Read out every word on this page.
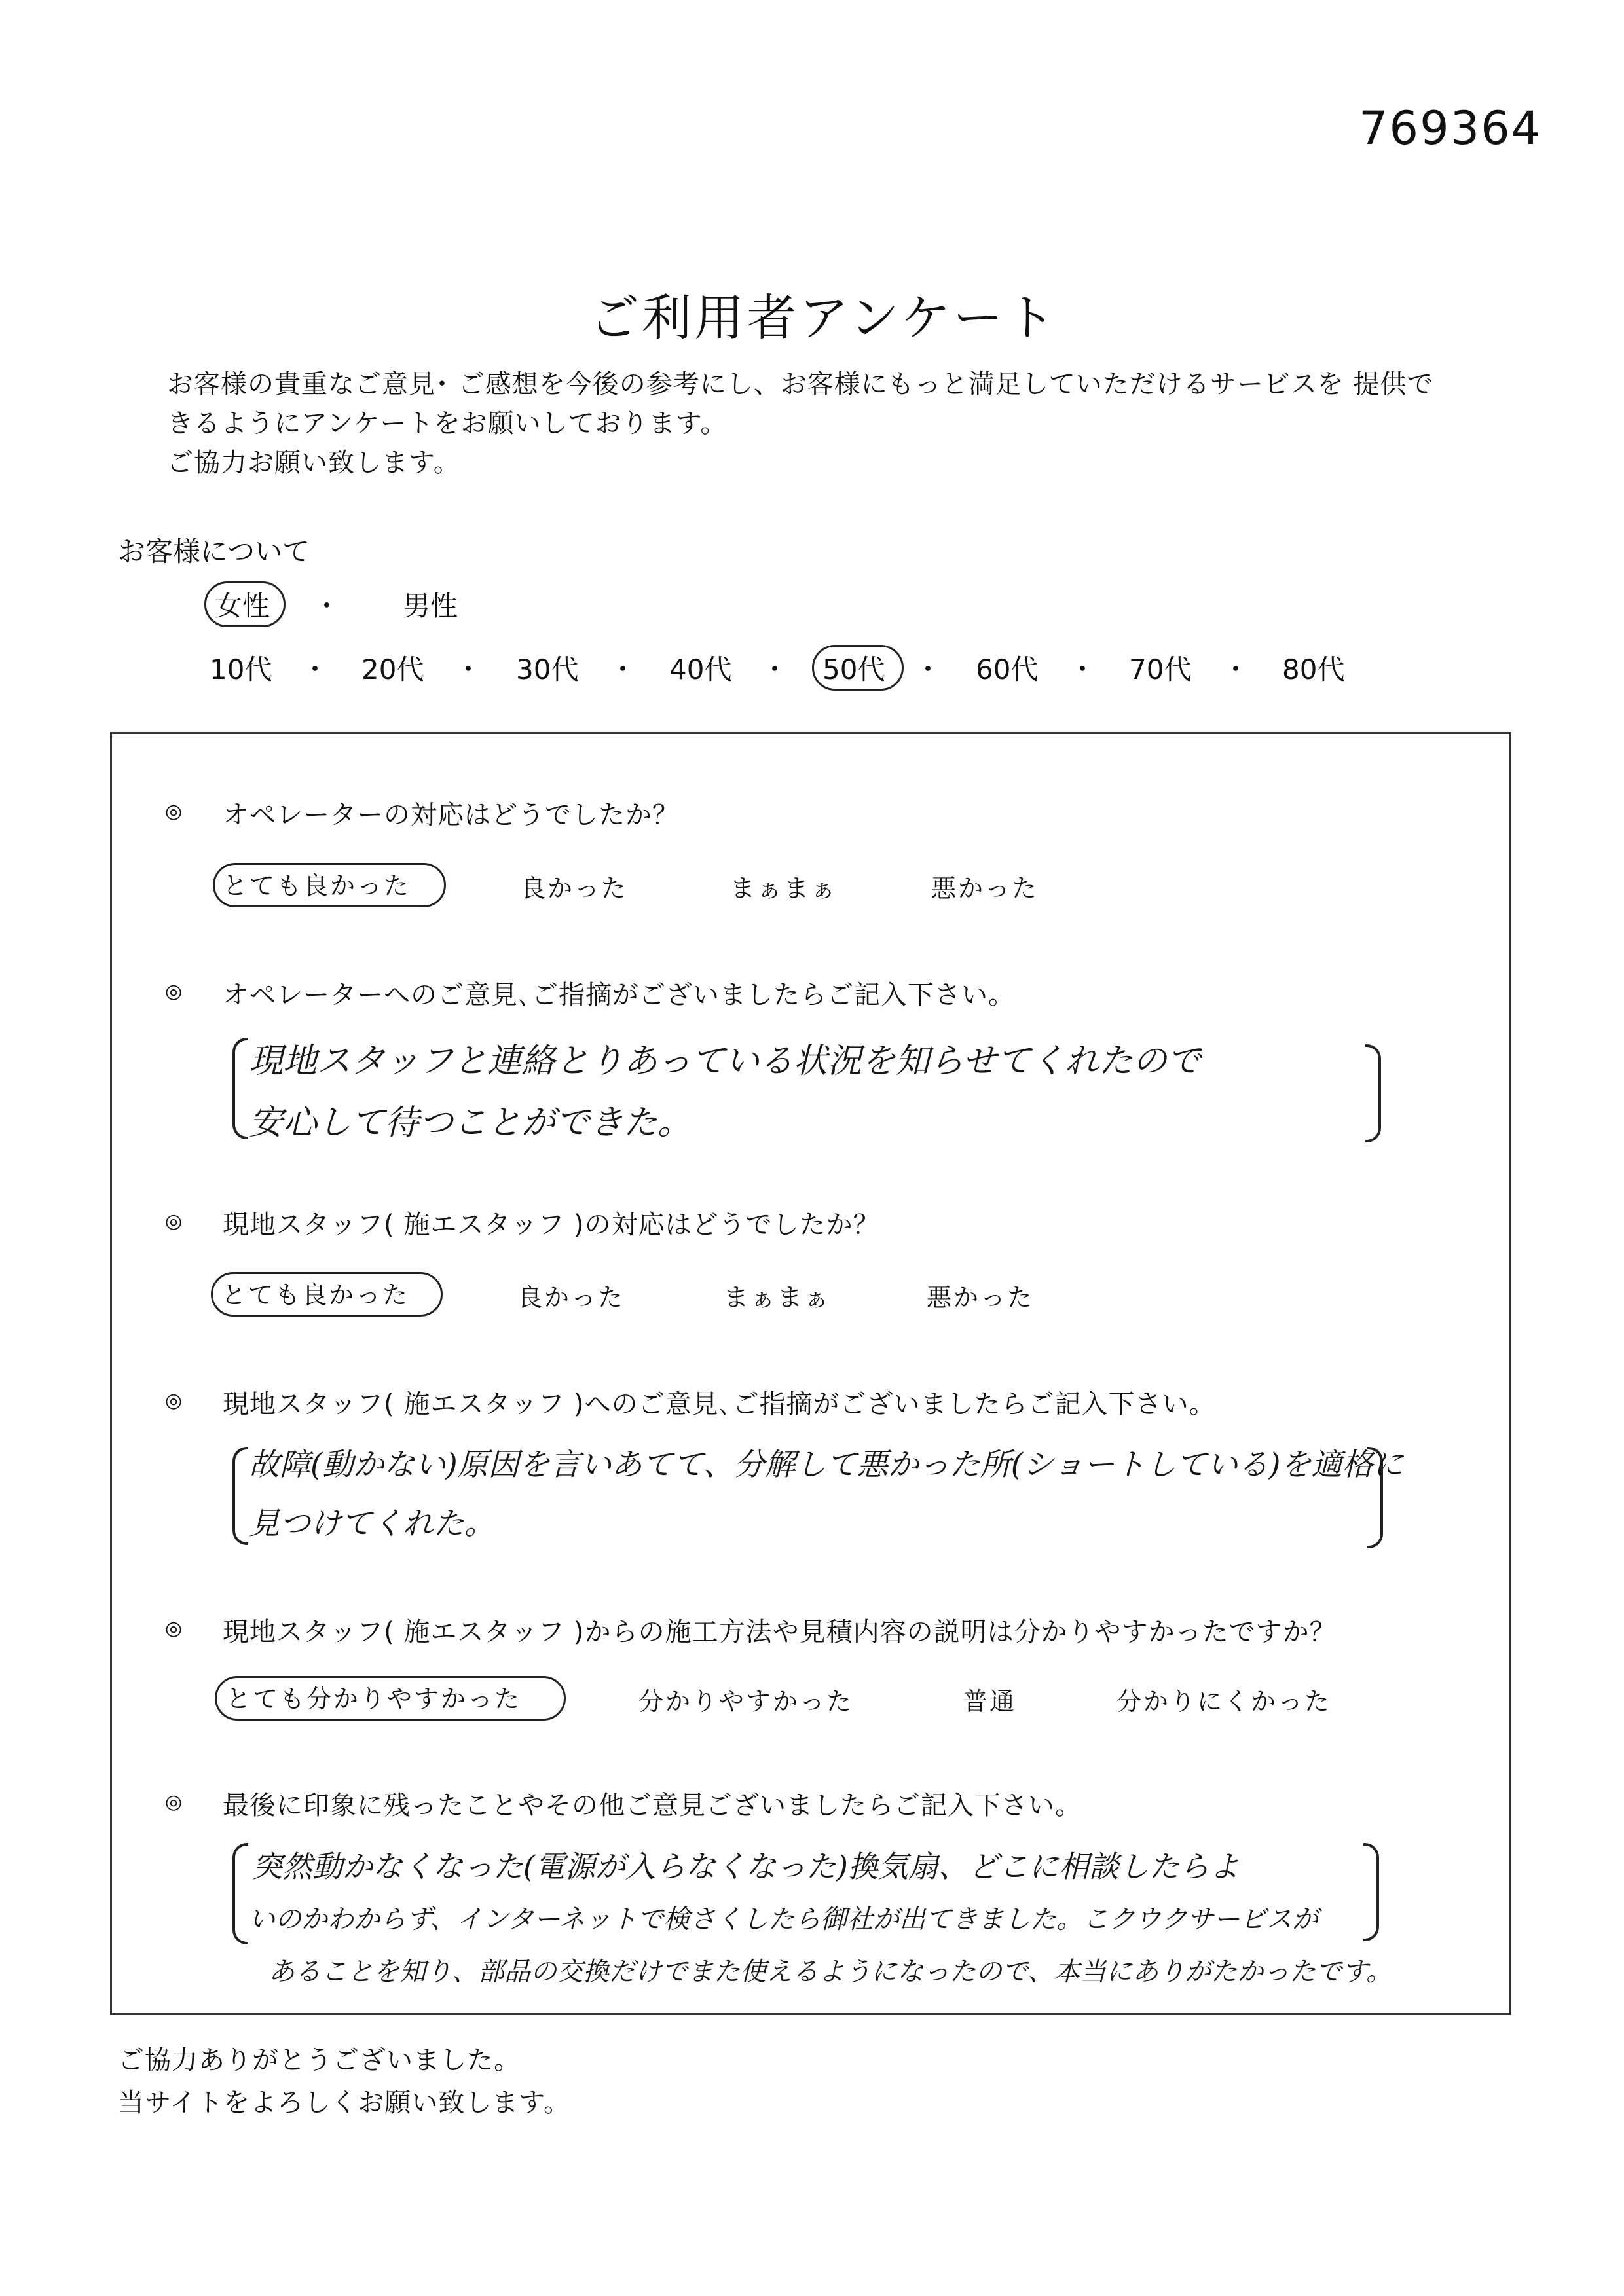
769364
ご利用者アンケート
お客様の貴重なご意見･ ご感想を今後の参考にし、お客様にもっと満足していただけるサービスを 提供で
きるようにアンケートをお願いしております。
ご協力お願い致します。
お客様について
女性 ・ 男性
10代 ・ 20代 ・ 30代 ・ 40代 ・ 50代 ・ 60代 ・ 70代 ・ 80代
◎ オペレーターの対応はどうでしたか？
とても良かった	良かった	まぁまぁ	悪かった
◎ オペレーターへのご意見､ご指摘がございましたらご記入下さい。
現地スタッフと連絡とりあっている状況を知らせてくれたので
安心して待つことができた。
◎ 現地スタッフ( 施エスタッフ )の対応はどうでしたか？
とても良かった	良かった	まぁまぁ	悪かった
◎ 現地スタッフ( 施エスタッフ )へのご意見､ご指摘がございましたらご記入下さい。
故障(動かない)原因を言いあてて、分解して悪かった所(ショートしている)を適格に
見つけてくれた。
◎ 現地スタッフ( 施エスタッフ )からの施工方法や見積内容の説明は分かりやすかったですか？
とても分かりやすかった	分かりやすかった	普通	分かりにくかった
◎ 最後に印象に残ったことやその他ご意見ございましたらご記入下さい。
突然動かなくなった(電源が入らなくなった)換気扇、どこに相談したらよ
いのかわからず、インターネットで検さくしたら御社が出てきました。こクウクサービスが
あることを知り、部品の交換だけでまた使えるようになったので、本当にありがたかったです。
ご協力ありがとうございました。
当サイトをよろしくお願い致します。
